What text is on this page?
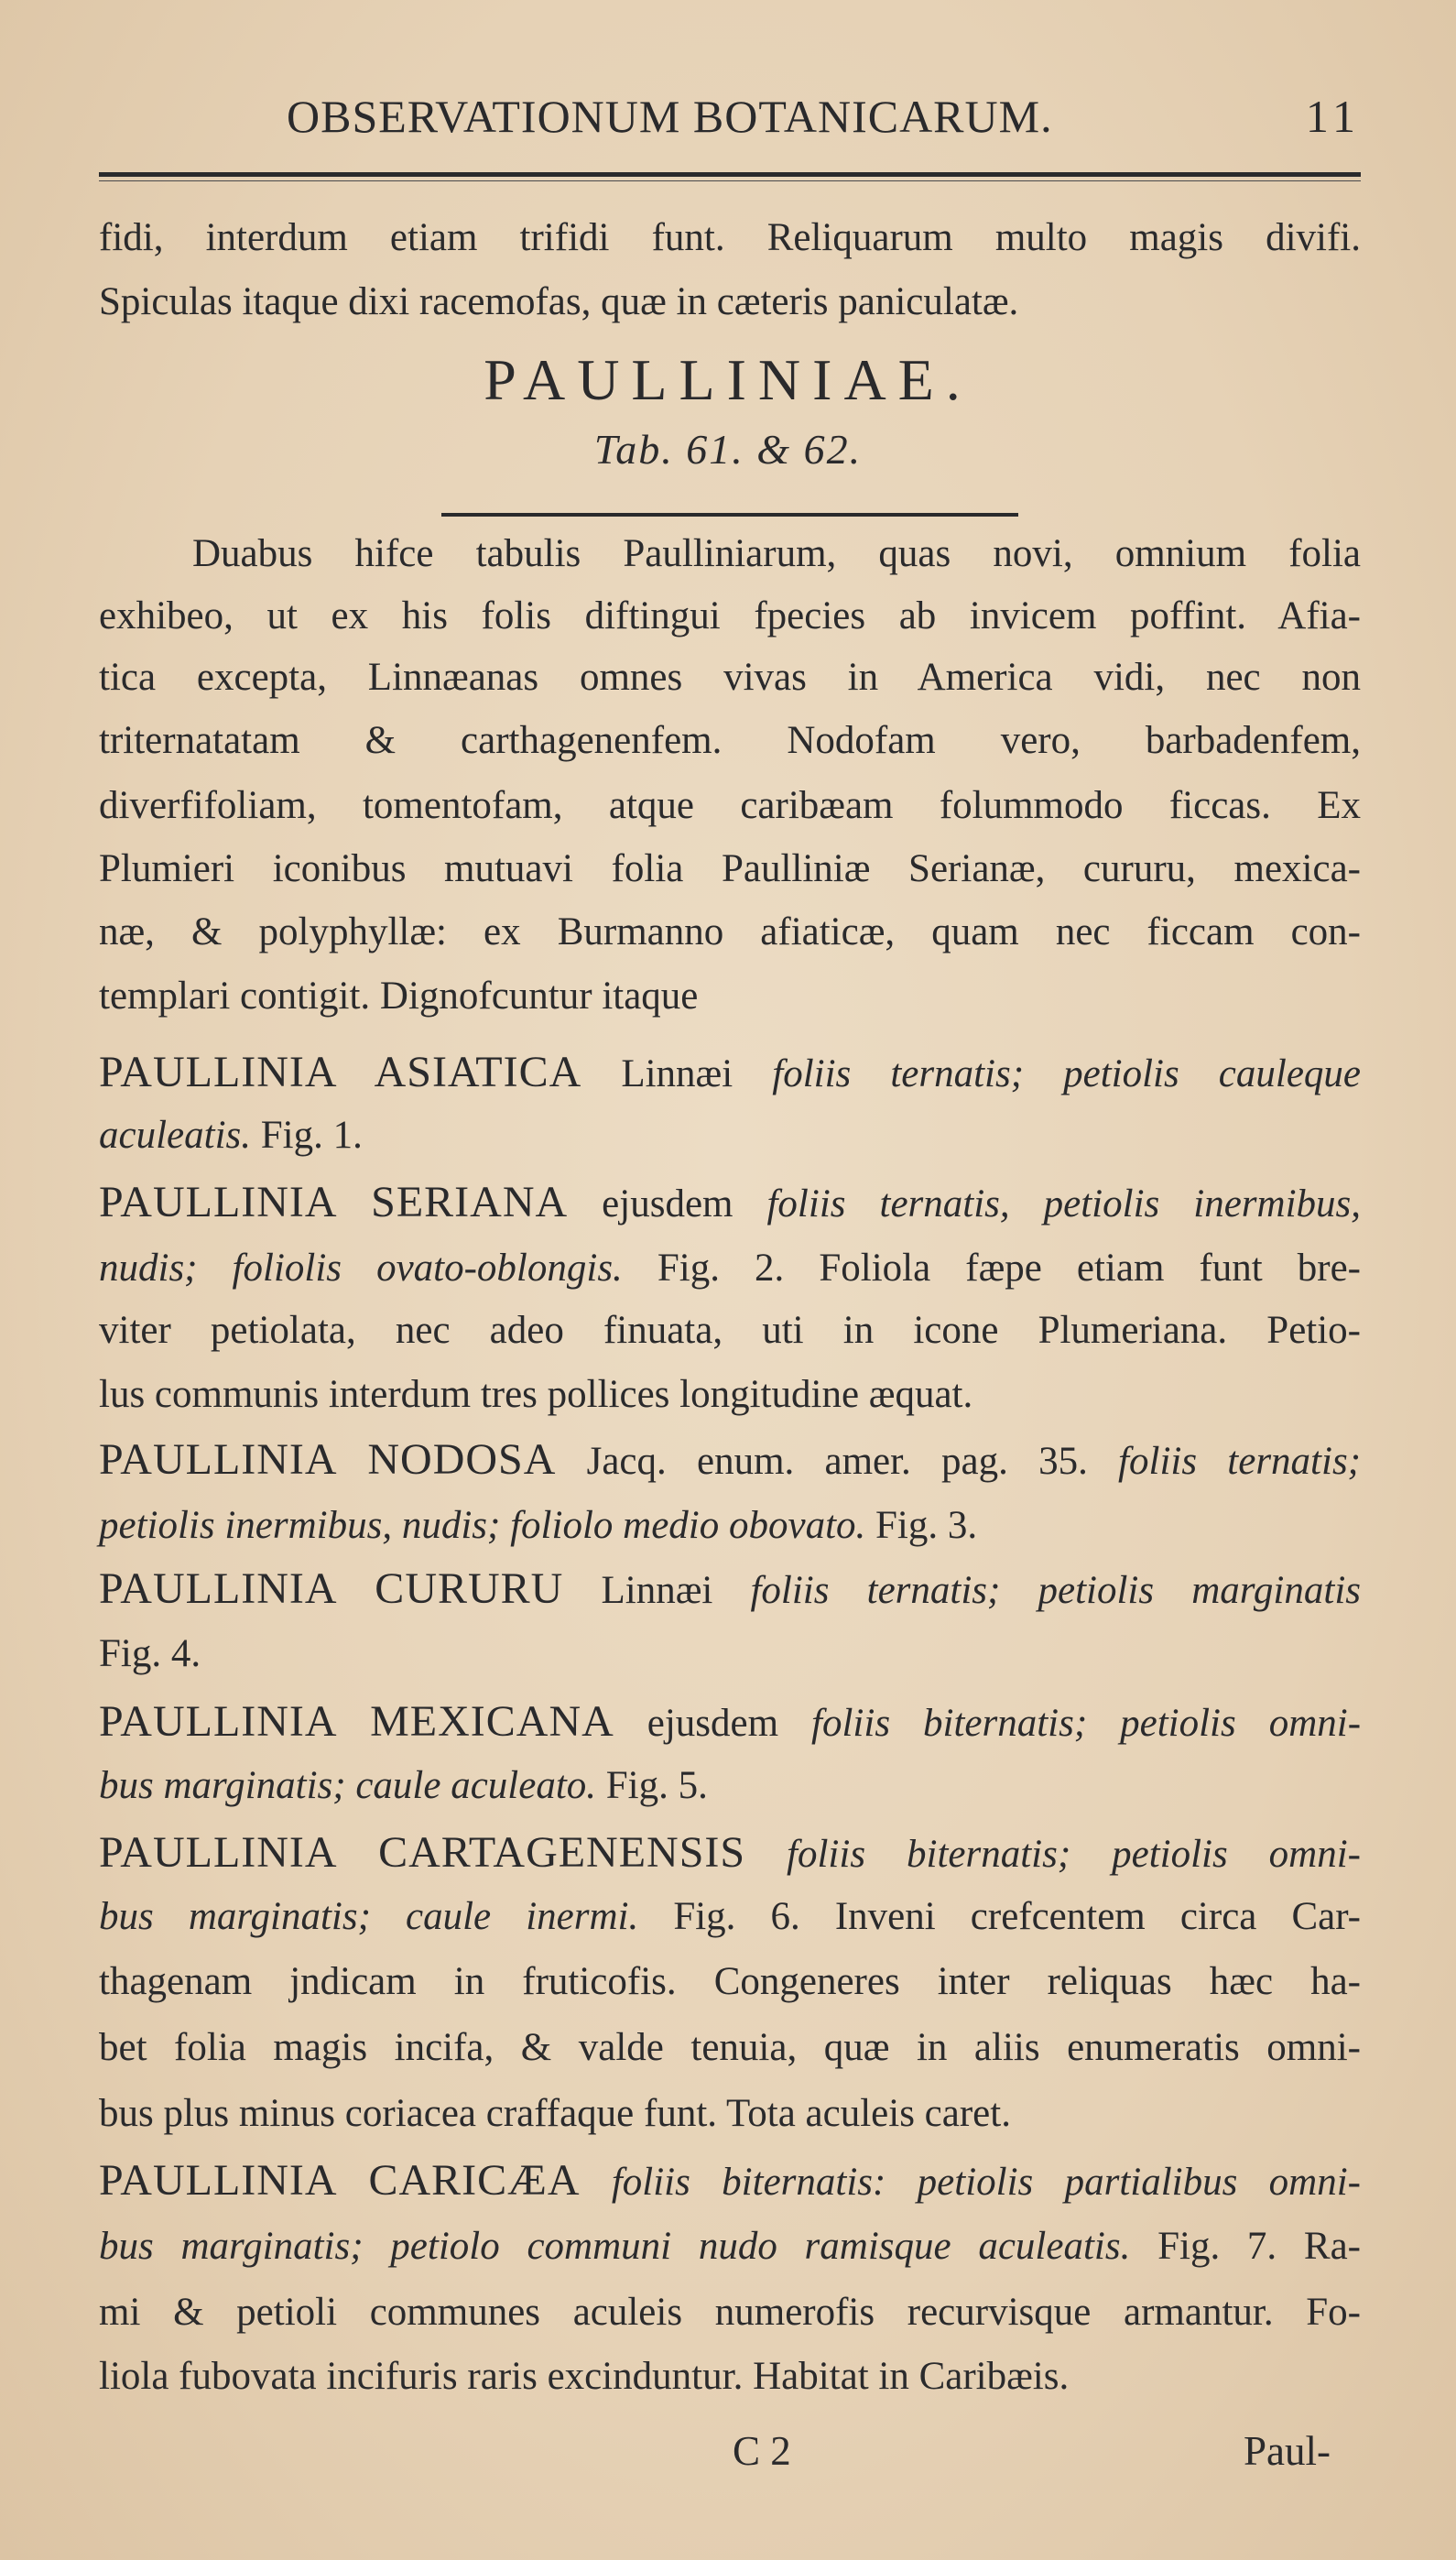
OBSERVATIONUM BOTANICARUM.	11
fidi, interdum etiam trifidi funt. Reliquarum multo magis divifi.
Spiculas itaque dixi racemofas, quæ in cæteris paniculatæ.
PAULLINIAE.
Tab. 61. & 62.
Duabus hifce tabulis Paulliniarum, quas novi, omnium folia
exhibeo, ut ex his folis diftingui fpecies ab invicem poffint. Afia-
tica excepta, Linnæanas omnes vivas in America vidi, nec non
triternatatam & carthagenenfem. Nodofam vero, barbadenfem,
diverfifoliam, tomentofam, atque caribæam folummodo ficcas. Ex
Plumieri iconibus mutuavi folia Paulliniæ Serianæ, cururu, mexica-
næ, & polyphyllæ: ex Burmanno afiaticæ, quam nec ficcam con-
templari contigit. Dignofcuntur itaque
PAULLINIA ASIATICA Linnæi foliis ternatis; petiolis cauleque
aculeatis. Fig. 1.
PAULLINIA SERIANA ejusdem foliis ternatis, petiolis inermibus,
nudis; foliolis ovato-oblongis. Fig. 2. Foliola fæpe etiam funt bre-
viter petiolata, nec adeo finuata, uti in icone Plumeriana. Petio-
lus communis interdum tres pollices longitudine æquat.
PAULLINIA NODOSA Jacq. enum. amer. pag. 35. foliis ternatis;
petiolis inermibus, nudis; foliolo medio obovato. Fig. 3.
PAULLINIA CURURU Linnæi foliis ternatis; petiolis marginatis
Fig. 4.
PAULLINIA MEXICANA ejusdem foliis biternatis; petiolis omni-
bus marginatis; caule aculeato. Fig. 5.
PAULLINIA CARTAGENENSIS foliis biternatis; petiolis omni-
bus marginatis; caule inermi. Fig. 6. Inveni crefcentem circa Car-
thagenam jndicam in fruticofis. Congeneres inter reliquas hæc ha-
bet folia magis incifa, & valde tenuia, quæ in aliis enumeratis omni-
bus plus minus coriacea craffaque funt. Tota aculeis caret.
PAULLINIA CARICÆA foliis biternatis: petiolis partialibus omni-
bus marginatis; petiolo communi nudo ramisque aculeatis. Fig. 7. Ra-
mi & petioli communes aculeis numerofis recurvisque armantur. Fo-
liola fubovata incifuris raris excinduntur. Habitat in Caribæis.
C 2	Paul-
